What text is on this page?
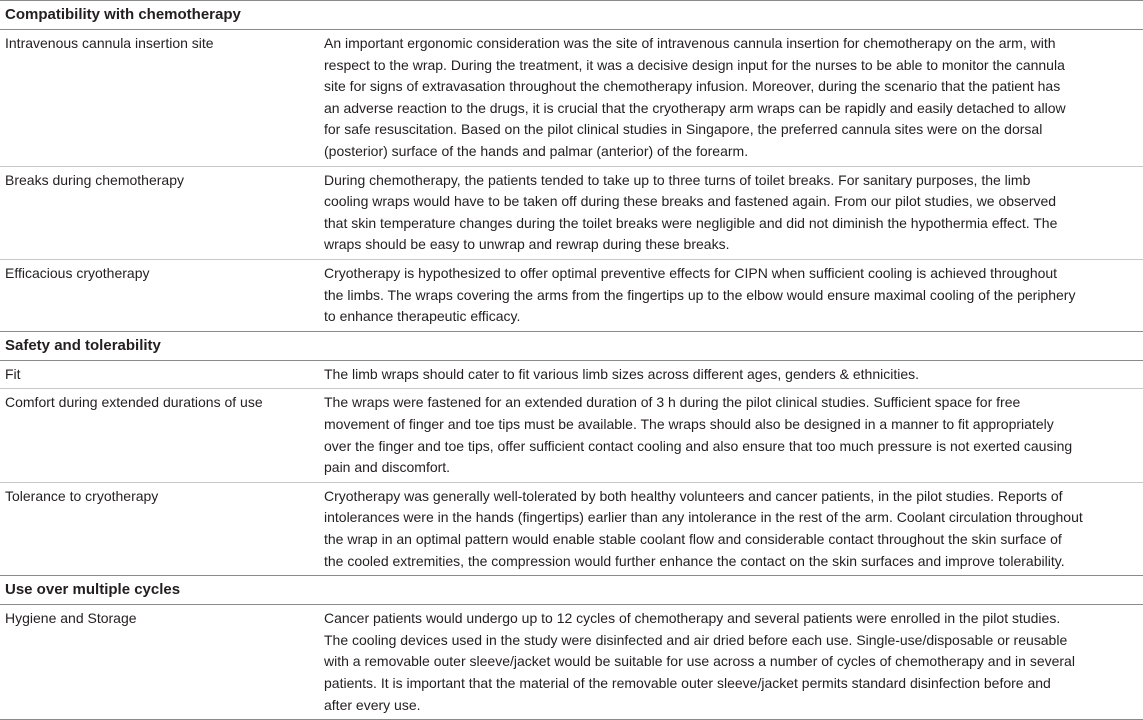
Compatibility with chemotherapy
Intravenous cannula insertion site	An important ergonomic consideration was the site of intravenous cannula insertion for chemotherapy on the arm, with
respect to the wrap. During the treatment, it was a decisive design input for the nurses to be able to monitor the cannula
site for signs of extravasation throughout the chemotherapy infusion. Moreover, during the scenario that the patient has
an adverse reaction to the drugs, it is crucial that the cryotherapy arm wraps can be rapidly and easily detached to allow
for safe resuscitation. Based on the pilot clinical studies in Singapore, the preferred cannula sites were on the dorsal
(posterior) surface of the hands and palmar (anterior) of the forearm.
Breaks during chemotherapy	During chemotherapy, the patients tended to take up to three turns of toilet breaks. For sanitary purposes, the limb
cooling wraps would have to be taken off during these breaks and fastened again. From our pilot studies, we observed
that skin temperature changes during the toilet breaks were negligible and did not diminish the hypothermia effect. The
wraps should be easy to unwrap and rewrap during these breaks.
Efficacious cryotherapy	Cryotherapy is hypothesized to offer optimal preventive effects for CIPN when sufficient cooling is achieved throughout
the limbs. The wraps covering the arms from the fingertips up to the elbow would ensure maximal cooling of the periphery
to enhance therapeutic efficacy.
Safety and tolerability
Fit	The limb wraps should cater to fit various limb sizes across different ages, genders & ethnicities.
Comfort during extended durations of use	The wraps were fastened for an extended duration of 3 h during the pilot clinical studies. Sufficient space for free
movement of finger and toe tips must be available. The wraps should also be designed in a manner to fit appropriately
over the finger and toe tips, offer sufficient contact cooling and also ensure that too much pressure is not exerted causing
pain and discomfort.
Tolerance to cryotherapy	Cryotherapy was generally well-tolerated by both healthy volunteers and cancer patients, in the pilot studies. Reports of
intolerances were in the hands (fingertips) earlier than any intolerance in the rest of the arm. Coolant circulation throughout
the wrap in an optimal pattern would enable stable coolant flow and considerable contact throughout the skin surface of
the cooled extremities, the compression would further enhance the contact on the skin surfaces and improve tolerability.
Use over multiple cycles
Hygiene and Storage	Cancer patients would undergo up to 12 cycles of chemotherapy and several patients were enrolled in the pilot studies.
The cooling devices used in the study were disinfected and air dried before each use. Single-use/disposable or reusable
with a removable outer sleeve/jacket would be suitable for use across a number of cycles of chemotherapy and in several
patients. It is important that the material of the removable outer sleeve/jacket permits standard disinfection before and
after every use.
